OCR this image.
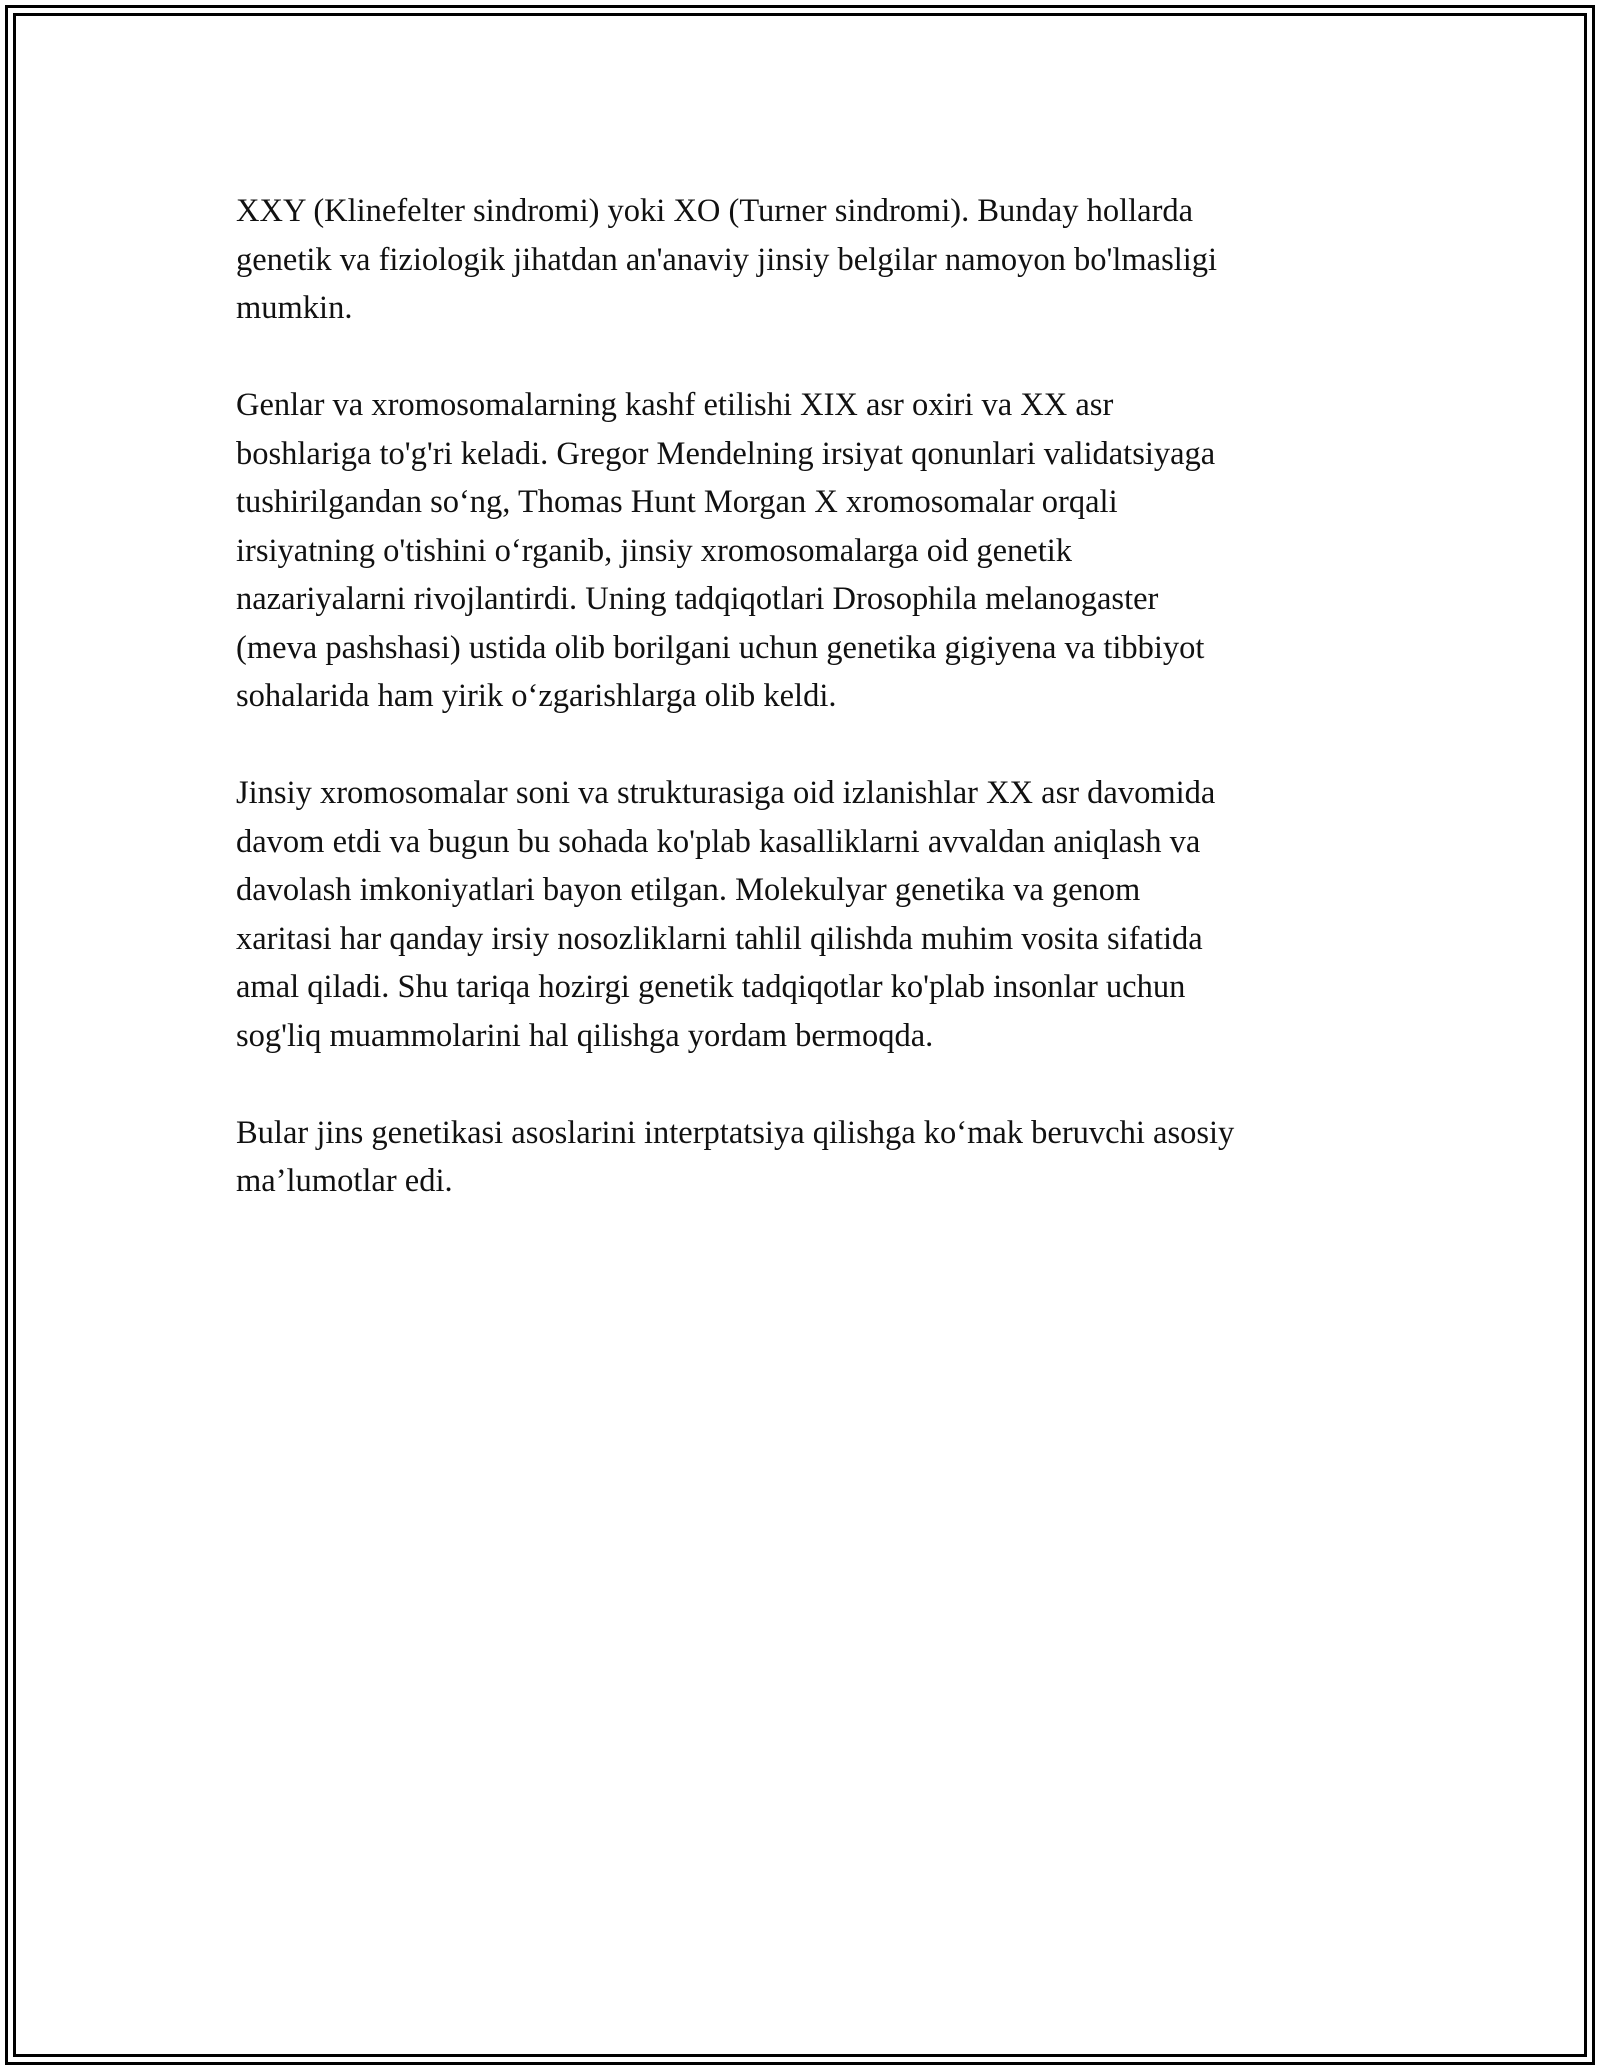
XXY (Klinefelter sindromi) yoki XO (Turner sindromi). Bunday hollarda
genetik va fiziologik jihatdan an'anaviy jinsiy belgilar namoyon bo'lmasligi
mumkin.

Genlar va xromosomalarning kashf etilishi XIX asr oxiri va XX asr
boshlariga to'g'ri keladi. Gregor Mendelning irsiyat qonunlari validatsiyaga
tushirilgandan so‘ng, Thomas Hunt Morgan X xromosomalar orqali
irsiyatning o'tishini o‘rganib, jinsiy xromosomalarga oid genetik
nazariyalarni rivojlantirdi. Uning tadqiqotlari Drosophila melanogaster
(meva pashshasi) ustida olib borilgani uchun genetika gigiyena va tibbiyot
sohalarida ham yirik o‘zgarishlarga olib keldi.

Jinsiy xromosomalar soni va strukturasiga oid izlanishlar XX asr davomida
davom etdi va bugun bu sohada ko'plab kasalliklarni avvaldan aniqlash va
davolash imkoniyatlari bayon etilgan. Molekulyar genetika va genom
xaritasi har qanday irsiy nosozliklarni tahlil qilishda muhim vosita sifatida
amal qiladi. Shu tariqa hozirgi genetik tadqiqotlar ko'plab insonlar uchun
sog'liq muammolarini hal qilishga yordam bermoqda.

Bular jins genetikasi asoslarini interptatsiya qilishga ko‘mak beruvchi asosiy
ma’lumotlar edi.
